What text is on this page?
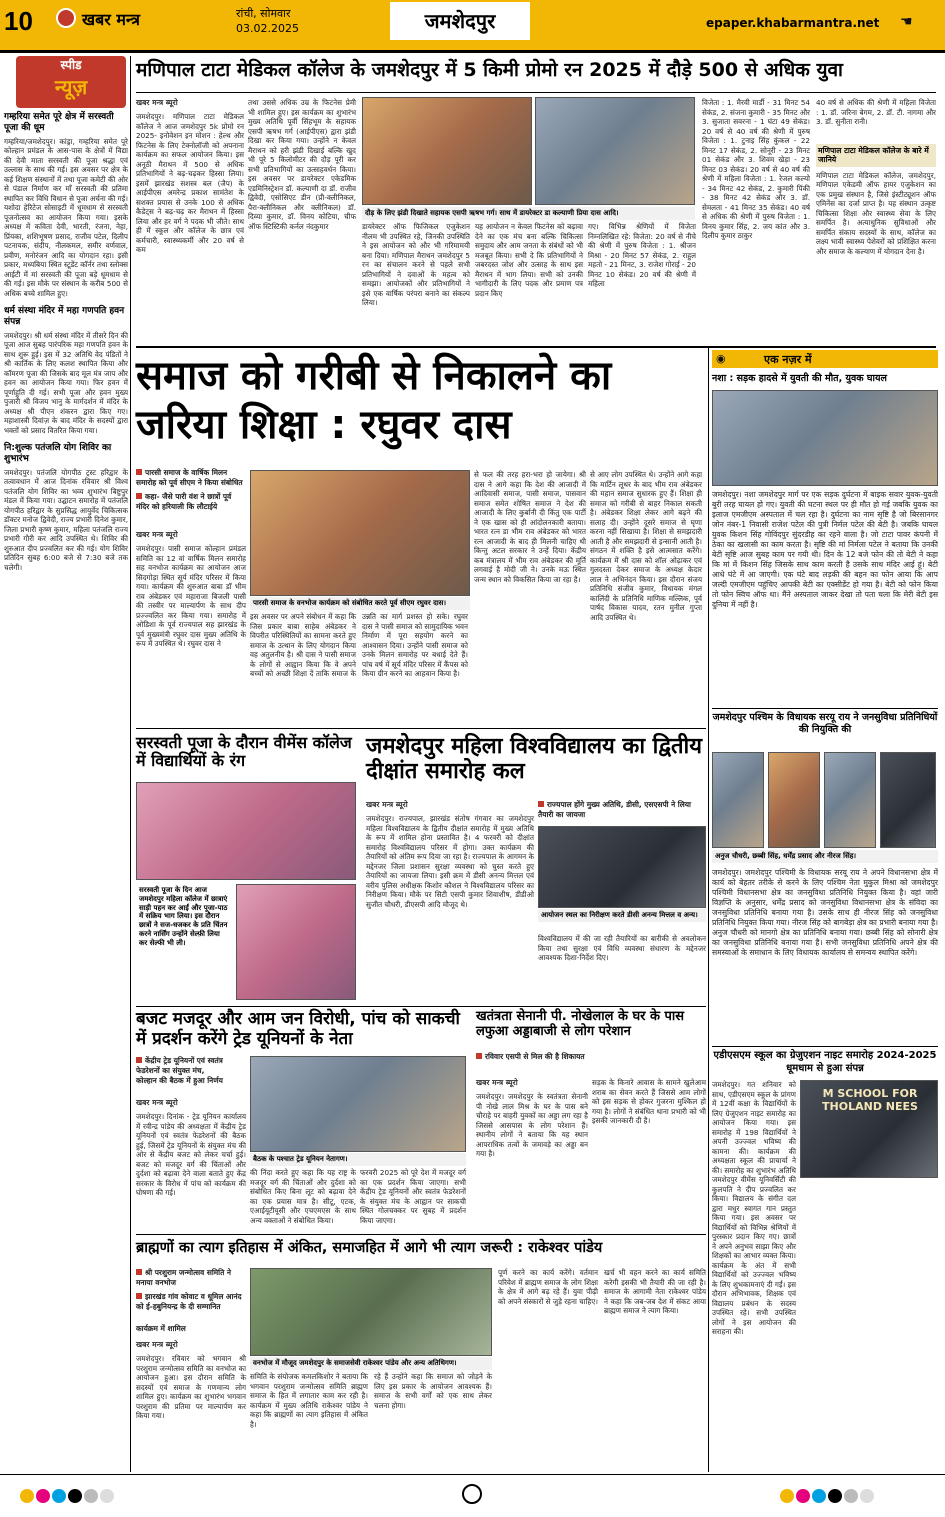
10	खबर मन्त्र	रांची, सोमवार
03.02.2025	जमशेदपुर	epaper.khabarmantra.net ☚
स्पीड
न्यूज़
गम्हरिया समेत पूरे क्षेत्र में सरस्वती पूजा की धूम
गम्हरिया/जमशेदपुर। कांड्रा, गम्हरिया समेत पूरे कोल्हान प्रमंडल के आस-पास के क्षेत्रों में विद्या की देवी माता सरस्वती की पूजा श्रद्धा एवं उल्लास के साथ की गई। इस अवसर पर क्षेत्र के कई शिक्षण संस्थानों में तथा पूजा कमेटी की ओर से पंडाल निर्माण कर माँ सरस्वती की प्रतिमा स्थापित कर विधि विधान से पूजा अर्चना की गई। यशोदा हेरिटेज सोसाइटी में धूमधाम से सरस्वती पूजनोत्सव का आयोजन किया गया। इसके अध्यक्ष में कविता देवी, भारती, रंजना, नेहा, प्रिंयका, शशिभूषण प्रसाद, राजीव पटेल, दिलीप पटनायक, संदीप, नीलकमल, समीर वर्णवाल, प्रवीण, मनोरंजन आदि का योगदान रहा। इसी प्रकार, मध्यबिया स्थित स्टूडेंट कॉर्नर तथा स्लोक्स आईटी में मां सरस्वती की पूजा बड़े धूमधाम से की गई। इस मौके पर संस्थान के करीब 500 से अधिक बच्चे शामिल हुए।
धर्म संस्था मंदिर में महा गणपति हवन संपन्न
जमशेदपुर। श्री धर्म संस्था मंदिर में तीसरे दिन की पूजा आज सुबह पारंपरिक महा गणपति हवन के साथ शुरू हुई। इस में 32 अतिथि वेद पंडितों ने श्री कार्तिक के लिए कलश स्थापित किया और कॉमरण पूजा की जिसके बाद मूल मंत्र जाप और हवन का आयोजन किया गया। फिर हवन में पूर्णाहुति दी गई। सभी पूजा और हवन मुख्य पुजारी श्री विजय भानु के मार्गदर्शन में मंदिर के अध्यक्ष श्री पीएन शंकरन द्वारा किए गए। महाशास्त्री दिवांज़ के बाद मंदिर के सदस्यों द्वारा भक्तों को प्रसाद वितरित किया गया।
नि:शुल्क पतंजलि योग शिविर का शुभारंभ
जमशेदपुर। पतंजलि योगपीठ ट्रस्ट हरिद्वार के तत्वावधान में आज दिनांक रविवार श्री विश्व पतंजलि योग शिविर का भव्य शुभारंभ बिष्टुपुर मंडल में किया गया। उद्घाटन समारोह में पतंजलि योगपीठ हरिद्वार के सुप्रसिद्ध आयुर्वेद चिकित्सक डॉक्टर मनोज द्विवेदी, राज्य प्रभारी दिनेश कुमार, जिला प्रभारी कृष्ण कुमार, महिला पतंजलि राज्य प्रभारी गौरी कर आदि उपस्थित थे। शिविर की शुरुआत दीप प्रज्वलित कर की गई। योग शिविर प्रतिदिन सुबह 6:00 बजे से 7:30 बजे तक चलेगी।
मणिपाल टाटा मेडिकल कॉलेज के जमशेदपुर में 5 किमी प्रोमो रन 2025 में दौड़े 500 से अधिक युवा
खबर मन्त्र ब्यूरो
जमशेदपुर। मणिपाल टाटा मेडिकल कॉलेज ने आज जमशेदपुर 5k प्रोमो रन 2025- इनोवेशन इन मोशन : हेल्थ और फिटनेस के लिए टेक्नोलॉजी को अपनाना कार्यक्रम का सफल आयोजन किया। इस अनूठी मैराथन में 500 से अधिक प्रतिभागियों ने बढ़-चढ़कर हिस्सा लिया। इसमें झारखंड सशस्त्र बल (जैप) के आईपीएस अमरेन्द्र प्रकाश सामंतेश के सशक्त प्रयास से उनके 100 से अधिक कैडेट्स ने बढ़-चढ़ कर मैराथन में हिस्सा लिया और हर वर्ग ने पदक भी जीते। साथ ही में स्कूल और कॉलेज के छात्र एवं कर्मचारी, स्वास्थ्यकर्मी और 20 वर्ष से कम
तथा उससे अधिक उम्र के फिटनेस प्रेमी भी शामिल हुए। इस कार्यक्रम का शुभारंभ मुख्य अतिथि पूर्वी सिंहभूम के सहायक एसपी ऋषभ गर्ग (आईपीएस) द्वारा झंडी दिखा कर किया गया। उन्होंने न केवल मैराथन को हरी झंडी दिखाई बल्कि खुद भी पूरे 5 किलोमीटर की दौड़ पूरी कर सभी प्रतिभागियों का उत्साहवर्धन किया। इस अवसर पर डायरेक्टर एकेडमिक एडमिनिस्ट्रेशन डॉ. कल्याणी दा डॉ. राजीव द्विवेदी, एसोसिएट डीन (प्री-क्लीनिकल, पैरा-क्लीनिकल और क्लीनिकल) डॉ. दिव्या कुमार, डॉ. विनय कोटिया, चीफ ऑफ स्टिस्टिकी कर्नल नंदकुमार
दौड़ के लिए झंडी दिखाते सहायक एसपी ऋषभ गर्ग। साथ में डायरेक्टर डा कल्याणी प्रिया दास आदि।
डायरेक्टर ऑफ फिजिकल एजुकेशन नीलम भी उपस्थित रहे, जिनकी उपस्थिति ने इस आयोजन को और भी गरिमामयी बना दिया। मणिपाल मैराथन जमशेदपुर 5 रन का संचालन करने से पहले सभी प्रतिभागियों ने दवाओं के महत्व को समझा। आयोजकों और प्रतिभागियों ने इसे एक वार्षिक परंपरा बनाने का संकल्प लिया।
यह आयोजन न केवल फिटनेस को बढ़ावा देने का एक मंच बना बल्कि चिकित्सा समुदाय और आम जनता के संबंधों को भी मजबूत किया। सभी दे कि प्रतिभागियों ने जबरदस्त जोश और उत्साह के साथ इस मैराथन में भाग लिया। सभी को उनकी भागीदारी के लिए पदक और प्रमाण पत्र प्रदान किए
गए। विभिन्न श्रेणियों में विजेता निम्नलिखित रहे: विजेता: 20 वर्ष से नीचे की श्रेणी में पुरुष विजेता : 1. श्रीजन मिश्रा - 20 मिनट 57 सेकंड, 2. राहुल महतो - 21 मिनट, 3. राजेश गोराई - 20 मिनट 10 सेकंड। 20 वर्ष की श्रेणी में महिला
विजेता : 1. मैरवी मार्डी - 31 मिनट 54 सेकंड, 2. संजना कुमारी - 35 मिनट और 3. सुजाता सवरना - 1 घंटा 49 सेकंड। 20 वर्ष से 40 वर्ष की श्रेणी में पुरुष विजेता : 1. टुनाइ सिंह कुंकल - 22 मिनट 17 सेकंड, 2. सोनूरी - 23 मिनट 01 सेकंड और 3. शिवम खेड़ा - 23 मिनट 03 सेकंड। 20 वर्ष से 40 वर्ष की श्रेणी में महिला विजेता : 1. रेजल कल्यो - 34 मिनट 42 सेकंड, 2. कुमारी पिंकी - 38 मिनट 42 सेकंड और 3. डॉ. सेमलता - 41 मिनट 35 सेकंड। 40 वर्ष से अधिक की श्रेणी में पुरुष विजेता : 1. विनय कुमार सिंह, 2. जय कांत और 3. दिलीप कुमार ठाकुर
40 वर्ष से अधिक की श्रेणी में महिला विजेता : 1. डॉ. जरिना बेगम, 2. डॉ. टी. नागमा और 3. डॉ. सुनीता रानी।
मणिपाल टाटा मेडिकल कॉलेज के बारे में जानिये
मणिपाल टाटा मेडिकल कॉलेज, जमशेदपुर, मणिपाल एकेडमी ऑफ हायर एजुकेशन का एक प्रमुख संस्थान है, जिसे इंस्टीट्यूशन ऑफ एमिनेंस का दर्जा प्राप्त है। यह संस्थान उत्कृष्ट चिकित्सा शिक्षा और स्वास्थ्य सेवा के लिए समर्पित है। अत्याधुनिक सुविधाओं और समर्पित संकाय सदस्यों के साथ, कॉलेज का लक्ष्य भावी स्वास्थ्य पेशेवरों को प्रशिक्षित करना और समाज के कल्याण में योगदान देना है।
समाज को गरीबी से निकालने का जरिया शिक्षा : रघुवर दास
पारसी समाज के वार्षिक मिलन समारोह को पूर्व सीएम ने किया संबोधित
कहा- जैसे पारी वंश ने छात्रों पूर्व मंदिर को हरियाली कि लौटाईये
पारसी समाज के वनभोज कार्यक्रम को संबोधित करते पूर्व सीएम रघुवर दास।
खबर मन्त्र ब्यूरो
जमशेदपुर। पासी समाज कोल्हान प्रमंडल समिति का 12 वां वार्षिक मिलन समारोह सह वनभोज कार्यक्रम का आयोजन आज सिदगोड़ा स्थित सूर्य मंदिर परिसर में किया गया। कार्यक्रम की शुरुआत बाबा डॉ भीम राव अंबेडकर एवं महाराजा बिजली पासी की तस्वीर पर माल्यार्पण के साथ दीप प्रज्ज्वलित कर किया गया। समारोह में ओडिशा के पूर्व राज्यपाल सह झारखंड के पूर्व मुख्यमंत्री रघुवर दास मुख्य अतिथि के रूप में उपस्थित थे। रघुवर दास ने
इस अवसर पर अपने संबोधन में कहा कि जिस प्रकार बाबा साहेब अंबेडकर ने विपरीत परिस्थितियों का सामना करते हुए समाज के उत्थान के लिए योगदान किया वह अतुलनीय है। श्री दास ने पासी समाज के लोगों से आह्वान किया कि वे अपने बच्चों को अच्छी शिक्षा दें ताकि समाज के उन्नति का मार्ग प्रशस्त हो सके। रघुवर दास ने पासी समाज को सामुदायिक भवन निर्माण में पूरा सहयोग करने का आश्वासन दिया। उन्होंने पासी समाज को उनके मिलन समारोह पर बधाई देते हैं। पांच वर्ष में सूर्य मंदिर परिसर में कैंपस को किया ग्रीन करने का आहवान किया है।
से फल की तरह हरा-भरा हो जायेगा। श्री दास ने आगे कहा कि देश की आजादी में आदिवासी समाज, पासी समाज, पासवान समाज समेत शोषित समाज ने देश की आजादी के लिए कुर्बानी दी किंतु एक पार्टी ने एक खास को ही आंदोलनकारी बताया। भारत रत्न डा भीम राव अंबेडकर को भारत रत्न आजादी के बाद ही मिलनी चाहिए थी किन्तु अटल सरकार ने उन्हें दिया। केंद्रीय कब मंत्रालय में भीम राव अंबेडकर की मूर्ति लगवाई है मोदी जी ने। उनके मऊ स्थित जन्म स्थान को विकसित किया जा रहा है।
से आए लोग उपस्थित थे। उन्होंने आगे कहा कि मार्टिन लूथर के बाद भीम राव अंबेडकर की महान समाज सुधारक हुए हैं। शिक्षा ही समाज को गरीबी से बाहर निकाल सकती है। अंबेडकर शिक्षा लेकर आगे बढ़ने की सलाह दी। उन्होंने दूसरे समाज से घृणा करना नहीं सिखाया है। शिक्षा से समझदारी आती है और समझदारी से इन्सानी आती है। संगठन में शक्ति है इसे आत्मसात करेंगे। कार्यक्रम में श्री दास को शॉल ओढ़ाकर एवं गुलदस्ता देकर समाज के अध्यक्ष केदार लाल ने अभिनंदन किया। इस दौरान संजय प्रतिनिधि संजीव कुमार, विधायक मंगल कालिंदी के प्रतिनिधि माणिक मल्लिक, पूर्व पार्षद विकास यादव, रतन मुनील गुप्ता आदि उपस्थित थे।
सरस्वती पूजा के दौरान वीमेंस कॉलेज में विद्यार्थियों के रंग
सरस्वती पूजा के दिन आज जमशेदपुर महिला कॉलेज में छात्राएं साड़ी पहन कर आईं और पूजा-पाठ में सक्रिय भाग लिया। इस दौरान छात्रों ने सज-धजकर के प्रति चिंतन करने नार्सिंग उन्होंने सेल्फ़ी लिया कर सेल्फी भी ली।
जमशेदपुर महिला विश्वविद्यालय का द्वितीय दीक्षांत समारोह कल
राज्यपाल होंगे मुख्य अतिथि, डीसी, एसएसपी ने लिया तैयारी का जायजा
खबर मन्त्र ब्यूरो
जमशेदपुर। राज्यपाल, झारखंड संतोष गंगवार का जमशेदपुर महिला विश्वविद्यालय के द्वितीय दीक्षांत समारोह में मुख्य अतिथि के रूप में शामिल होना प्रस्तावित है। 4 फरवरी को दीक्षांत समारोह विश्वविद्यालय परिसर में होगा। उक्त कार्यक्रम की तैयारियों को अंतिम रूप दिया जा रहा है। राज्यपाल के आगमन के मद्देनजर जिला प्रशासन सुरक्षा व्यवस्था को चुस्त करते हुए तैयारियों का जायजा लिया। इसी क्रम में डीसी अनन्य मित्तल एवं वरीय पुलिस अधीक्षक किशोर कौशल ने विश्वविद्यालय परिसर का निरीक्षण किया। मौके पर सिटी एसपी कुमार शिवाशीष, डीडीओ सुजीत चौधरी, डीएसपी आदि मौजूद थे।
आयोजन स्थल का निरीक्षण करते डीसी अनन्य मित्तल व अन्य।
विश्वविद्यालय में की जा रही तैयारियों का बारीकी से अवलोकन किया तथा सुरक्षा एवं विधि व्यवस्था संधारण के मद्देनजर आवश्यक दिशा-निर्देश दिए।
बजट मजदूर और आम जन विरोधी, पांच को साकची में प्रदर्शन करेंगे ट्रेड यूनियनों के नेता
केंद्रीय ट्रेड यूनियनों एवं स्वतंत्र फेडरेशनों का संयुक्त मंच,
कोल्हान की बैठक में हुआ निर्णय
बैठक के पश्चात ट्रेड यूनियन नेतागण।
खबर मन्त्र ब्यूरो
जमशेदपुर। दिनांक - ट्रेड यूनियन कार्यालय में रवीन्द्र पांडेय की अध्यक्षता में केंद्रीय ट्रेड यूनियनों एवं स्वतंत्र फेडरेशनों की बैठक हुई, जिसमें ट्रेड यूनियनों के संयुक्त मंच की ओर से केंद्रीय बजट को लेकर चर्चा हुई। बजट को मजदूर वर्ग की चिंताओं और दुर्दशा को बढ़ावा देने वाला बताते हुए केंद्र सरकार के विरोध में पांच को कार्यक्रम की घोषणा की गई।
की निंदा करते हुए कहा कि यह राष्ट्र के मजदूर वर्ग की चिंताओं और दुर्दशा को संबोधित किए बिना लूट को बढ़ावा देने का एक प्रयास मात्र है। सीटू, एटक, एआईयूटीयूसी और एचएमएस के साथ अन्य वक्ताओं ने संबोधित किया।
फरवरी 2025 को पूरे देश में मजदूर वर्ग का एक प्रदर्शन किया जाएगा। सभी केंद्रीय ट्रेड यूनियनों और स्वतंत्र फेडरेशनों के संयुक्त मंच के आह्वान पर साकची स्थित गोलचक्कर पर सुबह में प्रदर्शन किया जाएगा।
खतंत्रता सेनानी पी. नोखेलाल के घर के पास लफुआ अड्डाबाजी से लोग परेशान
रविवार एसपी से मिल की है शिकायत
खबर मन्त्र ब्यूरो
जमशेदपुर। जमशेदपुर के स्वतंत्रता सेनानी पी नोखे लाल मिश्र के घर के पास बने चौराहे पर बाहरी युवकों का अड्डा लग रहा है जिससे आसपास के लोग परेशान हैं। स्थानीय लोगों ने बताया कि यह स्थान आपराधिक तत्वों के जमावड़े का अड्डा बन गया है।
सड़क के किनारे आवास के सामने खुलेआम शराब का सेवन करते हैं जिससे आम लोगों को इस सड़क से होकर गुजरना मुश्किल हो गया है। लोगों ने संबंधित थाना प्रभारी को भी इसकी जानकारी दी है।
ब्राह्मणों का त्याग इतिहास में अंकित, समाजहित में आगे भी त्याग जरूरी : राकेश्वर पांडेय
श्री परशुराम जन्मोत्सव समिति ने मनाया वनभोज
झारखंड गांव कोवाट व धूमिल आनंद को ई-हबुनियन्द्र के दी सम्मानित
कार्यक्रम में शामिल
वनभोज में मौजूद जमशेदपुर के समाजसेवी राकेश्वर पांडेय और अन्य अतिथिगण।
खबर मन्त्र ब्यूरो
जमशेदपुर। रविवार को भगवान श्री परशुराम जन्मोत्सव समिति का वनभोज का आयोजन हुआ। इस दौरान समिति के सदस्यों एवं समाज के गणमान्य लोग शामिल हुए। कार्यक्रम का शुभारंभ भगवान परशुराम की प्रतिमा पर माल्यार्पण कर किया गया।
समिति के संयोजक कमलकिशोर ने बताया कि भगवान परशुराम जन्मोत्सव समिति ब्राह्मण समाज के हित में लगातार काम कर रही है। कार्यक्रम में मुख्य अतिथि राकेश्वर पांडेय ने कहा कि ब्राह्मणों का त्याग इतिहास में अंकित है।
रहे हैं उन्होंने कहा कि समाज को जोड़ने के लिए इस प्रकार के आयोजन आवश्यक हैं। समाज के सभी वर्गों को एक साथ लेकर चलना होगा।
पूर्ण करने का कार्य करेंगे। वर्तमान परिवेश में ब्राह्मण समाज के लोग शिक्षा के क्षेत्र में आगे बढ़ रहे हैं। युवा पीढ़ी को अपने संस्कारों से जुड़े रहना चाहिए।
खर्च भी वहन करने का कार्य समिति करेगी इसकी भी तैयारी की जा रही है। समाज के आगामी नेता राकेश्वर पांडेय ने कहा कि जब-जब देश में संकट आया ब्राह्मण समाज ने त्याग किया।
◉	एक नज़र में
नशा : सड़क हादसे में युवती की मौत, युवक घायल
जमशेदपुर। नशा जमशेदपुर मार्ग पर एक सड़क दुर्घटना में बाइक सवार युवक-युवती बुरी तरह घायल हो गए। युवती की घटना स्थल पर ही मौत हो गई जबकि युवक का इलाज एमजीएम अस्पताल में चल रहा है। दुर्घटना का नाम सृष्टि है जो बिरसानगर जोन नंबर-1 निवासी राजेश पटेल की पुत्री निर्मल पटेल की बेटी है। जबकि घायल युवक किशन सिंह गोविंदपुर सुंदरडीह का रहने वाला है। जो टाटा पावर कंपनी में ठेका का खलासी का काम करता है। सृष्टि की मां निर्मला पटेल ने बताया कि उनकी बेटी सृष्टि आज सुबह काम पर गयी थी। दिन के 12 बजे फोन की तो बेटी ने कहा कि मां में किशन सिंह जिसके साथ काम करती है उसके साथ मंदिर आई हूं। बेटी आधे घंटे में आ जाएगी। एक घंटे बाद लड़की की बहन का फोन आया कि आप जल्दी एमजीएम पहुंचिए आपकी बेटी का एक्सीडेंट हो गया है। बेटी को फोन किया तो फोन स्विच ऑफ था। मैंने अस्पताल जाकर देखा तो पता चला कि मेरी बेटी इस दुनिया में नहीं है।
जमशेदपुर पश्चिम के विधायक सरयू राय ने जनसुविधा प्रतिनिधियों की नियुक्ति की
अनुज चौधरी, छब्बी सिंह, धर्मेंद्र प्रसाद और नीरज सिंह।
जमशेदपुर। जमशेदपुर पश्चिमी के विधायक सरयू राय ने अपने विधानसभा क्षेत्र में कार्य को बेहतर तरीके से करने के लिए पश्चिम नेता मुकुल मिश्रा को जमशेदपुर पश्चिमी विधानसभा क्षेत्र का जनसुविधा प्रतिनिधि नियुक्त किया है। वहां जारी विज्ञप्ति के अनुसार, धर्मेंद्र प्रसाद को जनसुविधा विधानसभा क्षेत्र के संविदा का जनसुविधा प्रतिनिधि बनाया गया है। उसके साथ ही नीरज सिंह को जनसुविधा प्रतिनिधि नियुक्त किया गया। नीरज सिंह को बागबेड़ा क्षेत्र का प्रभारी बनाया गया है। अनुज चौधरी को मानगो क्षेत्र का प्रतिनिधि बनाया गया। छब्बी सिंह को सोनारी क्षेत्र का जनसुविधा प्रतिनिधि बनाया गया है। सभी जनसुविधा प्रतिनिधि अपने क्षेत्र की समस्याओं के समाधान के लिए विधायक कार्यालय से समन्वय स्थापित करेंगे।
एडीएसएम स्कूल का ग्रेजुएशन नाइट समारोह 2024-2025 धूमधाम से हुआ संपन्न
M SCHOOL FOR THOLAND NEES
जमशेदपुर। गत शनिवार को साथ, एडीएसएम स्कूल के प्रांगण में 12वीं कक्षा के विद्यार्थियों के लिए ग्रेजुएशन नाइट समारोह का आयोजन किया गया। इस समारोह में 198 विद्यार्थियों ने अपनी उज्ज्वल भविष्य की कामना की। कार्यक्रम की अध्यक्षता स्कूल की प्राचार्या ने की। समारोह का शुभारंभ अतिथि जमशेदपुर वीमेंस यूनिवर्सिटी की कुलपति ने दीप प्रज्वलित कर किया। विद्यालय के संगीत दल द्वारा मधुर स्वागत गान प्रस्तुत किया गया। इस अवसर पर विद्यार्थियों को विभिन्न श्रेणियों में पुरस्कार प्रदान किए गए। छात्रों ने अपने अनुभव साझा किए और शिक्षकों का आभार व्यक्त किया। कार्यक्रम के अंत में सभी विद्यार्थियों को उज्ज्वल भविष्य के लिए शुभकामनाएं दी गईं। इस दौरान अभिभावक, शिक्षक एवं विद्यालय प्रबंधन के सदस्य उपस्थित रहे। सभी उपस्थित लोगों ने इस आयोजन की सराहना की।
